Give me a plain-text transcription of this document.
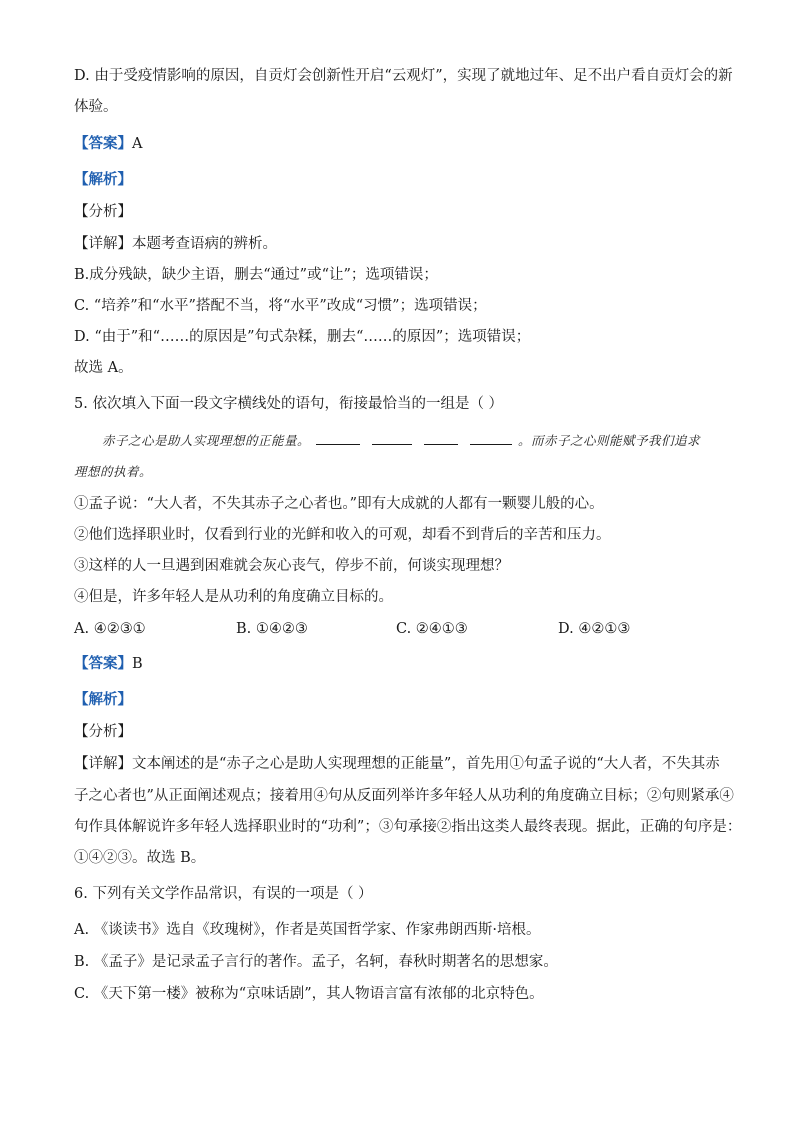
D. 由于受疫情影响的原因，自贡灯会创新性开启“云观灯”，实现了就地过年、足不出户看自贡灯会的新
体验。
【答案】A
【解析】
【分析】
【详解】本题考查语病的辨析。
B.成分残缺，缺少主语，删去“通过”或“让”；选项错误；
C. “培养”和“水平”搭配不当，将“水平”改成“习惯”；选项错误；
D. “由于”和“……的原因是”句式杂糅，删去“……的原因”；选项错误；
故选 A。
5. 依次填入下面一段文字横线处的语句，衔接最恰当的一组是（ ）
赤子之心是助人实现理想的正能量。	。而赤子之心则能赋予我们追求
理想的执着。
①孟子说：“大人者，不失其赤子之心者也。”即有大成就的人都有一颗婴儿般的心。
②他们选择职业时，仅看到行业的光鲜和收入的可观，却看不到背后的辛苦和压力。
③这样的人一旦遇到困难就会灰心丧气，停步不前，何谈实现理想？
④但是，许多年轻人是从功利的角度确立目标的。
A. ④②③①	B. ①④②③	C. ②④①③	D. ④②①③
【答案】B
【解析】
【分析】
【详解】文本阐述的是“赤子之心是助人实现理想的正能量”，首先用①句孟子说的“大人者，不失其赤
子之心者也”从正面阐述观点；接着用④句从反面列举许多年轻人从功利的角度确立目标；②句则紧承④
句作具体解说许多年轻人选择职业时的“功利”；③句承接②指出这类人最终表现。据此，正确的句序是：
①④②③。故选 B。
6. 下列有关文学作品常识，有误的一项是（ ）
A. 《谈读书》选自《玫瑰树》，作者是英国哲学家、作家弗朗西斯·培根。
B. 《孟子》是记录孟子言行的著作。孟子，名轲，春秋时期著名的思想家。
C. 《天下第一楼》被称为“京味话剧”，其人物语言富有浓郁的北京特色。
